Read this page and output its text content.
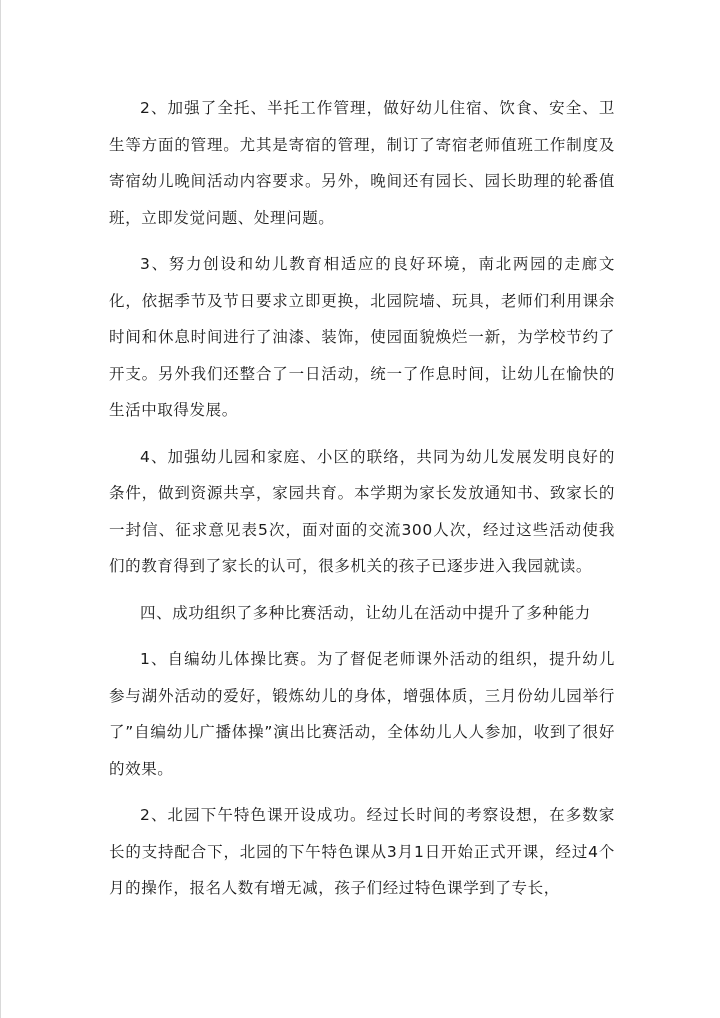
2、加强了全托、半托工作管理，做好幼儿住宿、饮食、安全、卫生等方面的管理。尤其是寄宿的管理，制订了寄宿老师值班工作制度及寄宿幼儿晚间活动内容要求。另外，晚间还有园长、园长助理的轮番值班，立即发觉问题、处理问题。

3、努力创设和幼儿教育相适应的良好环境，南北两园的走廊文化，依据季节及节日要求立即更换，北园院墙、玩具，老师们利用课余时间和休息时间进行了油漆、装饰，使园面貌焕烂一新，为学校节约了开支。另外我们还整合了一日活动，统一了作息时间，让幼儿在愉快的生活中取得发展。

4、加强幼儿园和家庭、小区的联络，共同为幼儿发展发明良好的条件，做到资源共享，家园共育。本学期为家长发放通知书、致家长的一封信、征求意见表5次，面对面的交流300人次，经过这些活动使我们的教育得到了家长的认可，很多机关的孩子已逐步进入我园就读。

四、成功组织了多种比赛活动，让幼儿在活动中提升了多种能力

1、自编幼儿体操比赛。为了督促老师课外活动的组织，提升幼儿参与湖外活动的爱好，锻炼幼儿的身体，增强体质，三月份幼儿园举行了”自编幼儿广播体操”演出比赛活动，全体幼儿人人参加，收到了很好的效果。

2、北园下午特色课开设成功。经过长时间的考察设想，在多数家长的支持配合下，北园的下午特色课从3月1日开始正式开课，经过4个月的操作，报名人数有增无减，孩子们经过特色课学到了专长，
